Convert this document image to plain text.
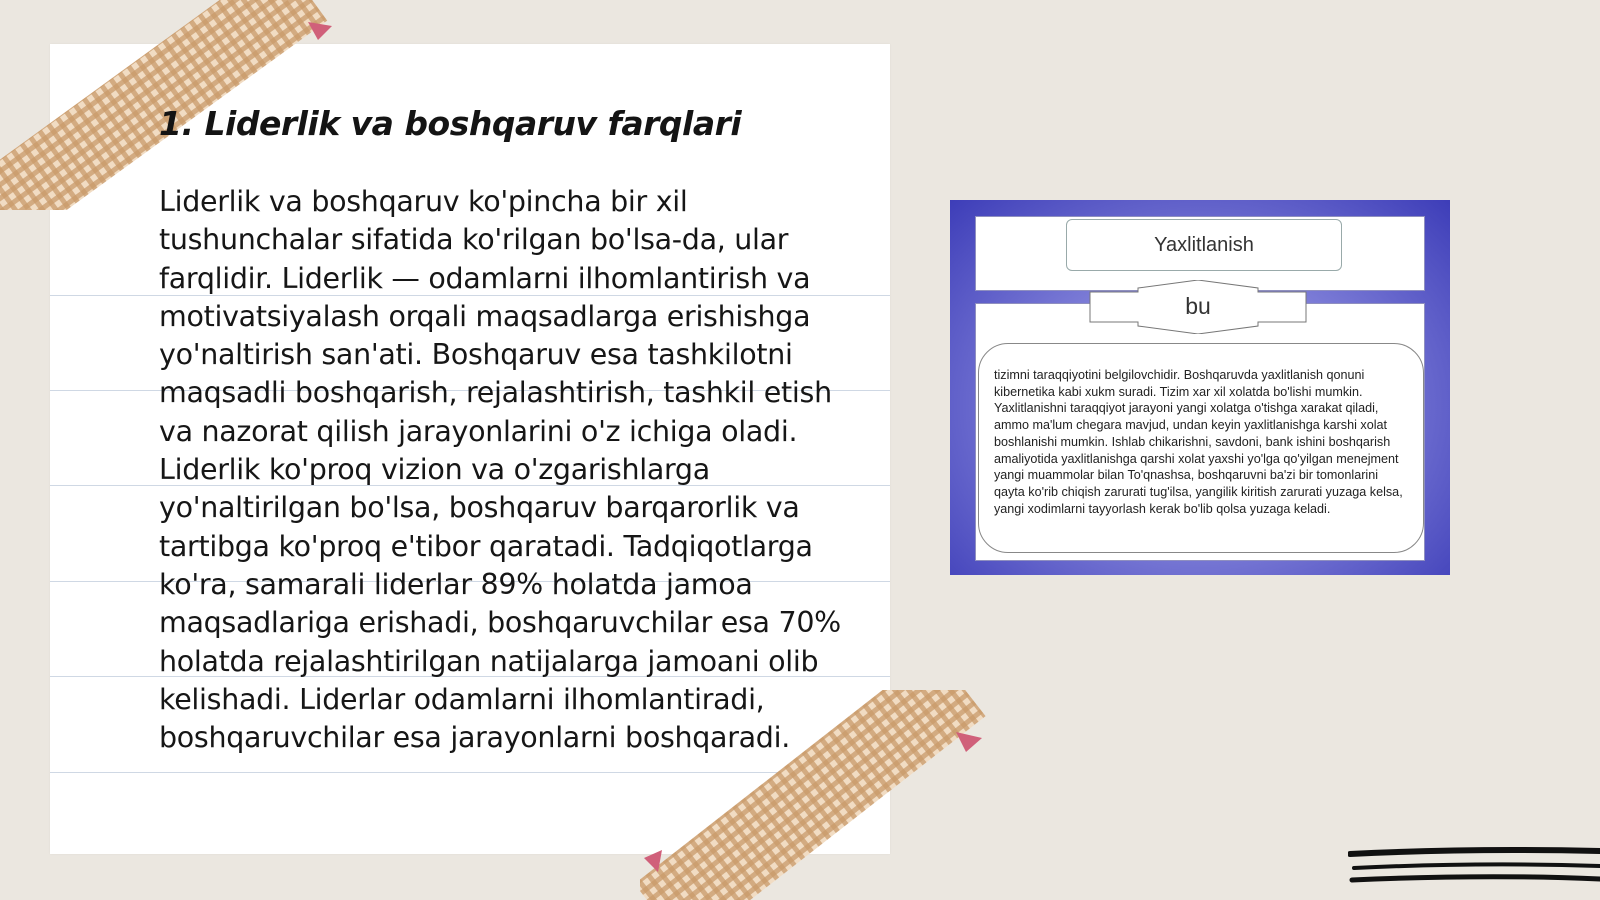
1. Liderlik va boshqaruv farqlari

Liderlik va boshqaruv ko'pincha bir xil tushunchalar sifatida ko'rilgan bo'lsa-da, ular farqlidir. Liderlik — odamlarni ilhomlantirish va motivatsiyalash orqali maqsadlarga erishishga yo'naltirish san'ati. Boshqaruv esa tashkilotni maqsadli boshqarish, rejalashtirish, tashkil etish va nazorat qilish jarayonlarini o'z ichiga oladi. Liderlik ko'proq vizion va o'zgarishlarga yo'naltirilgan bo'lsa, boshqaruv barqarorlik va tartibga ko'proq e'tibor qaratadi. Tadqiqotlarga ko'ra, samarali liderlar 89% holatda jamoa maqsadlariga erishadi, boshqaruvchilar esa 70% holatda rejalashtirilgan natijalarga jamoani olib kelishadi. Liderlar odamlarni ilhomlantiradi, boshqaruvchilar esa jarayonlarni boshqaradi.

Yaxlitlanish
bu

tizimni taraqqiyotini belgilovchidir. Boshqaruvda yaxlitlanish qonuni kibernetika kabi xukm suradi. Tizim xar xil xolatda bo'lishi mumkin. Yaxlitlanishni taraqqiyot jarayoni yangi xolatga o'tishga xarakat qiladi, ammo ma'lum chegara mavjud, undan keyin yaxlitlanishga karshi xolat boshlanishi mumkin. Ishlab chikarishni, savdoni, bank ishini boshqarish amaliyotida yaxlitlanishga qarshi xolat yaxshi yo'lga qo'yilgan menejment yangi muammolar bilan To'qnashsa, boshqaruvni ba'zi bir tomonlarini qayta ko'rib chiqish zarurati tug'ilsa, yangilik kiritish zarurati yuzaga kelsa, yangi xodimlarni tayyorlash kerak bo'lib qolsa yuzaga keladi.
